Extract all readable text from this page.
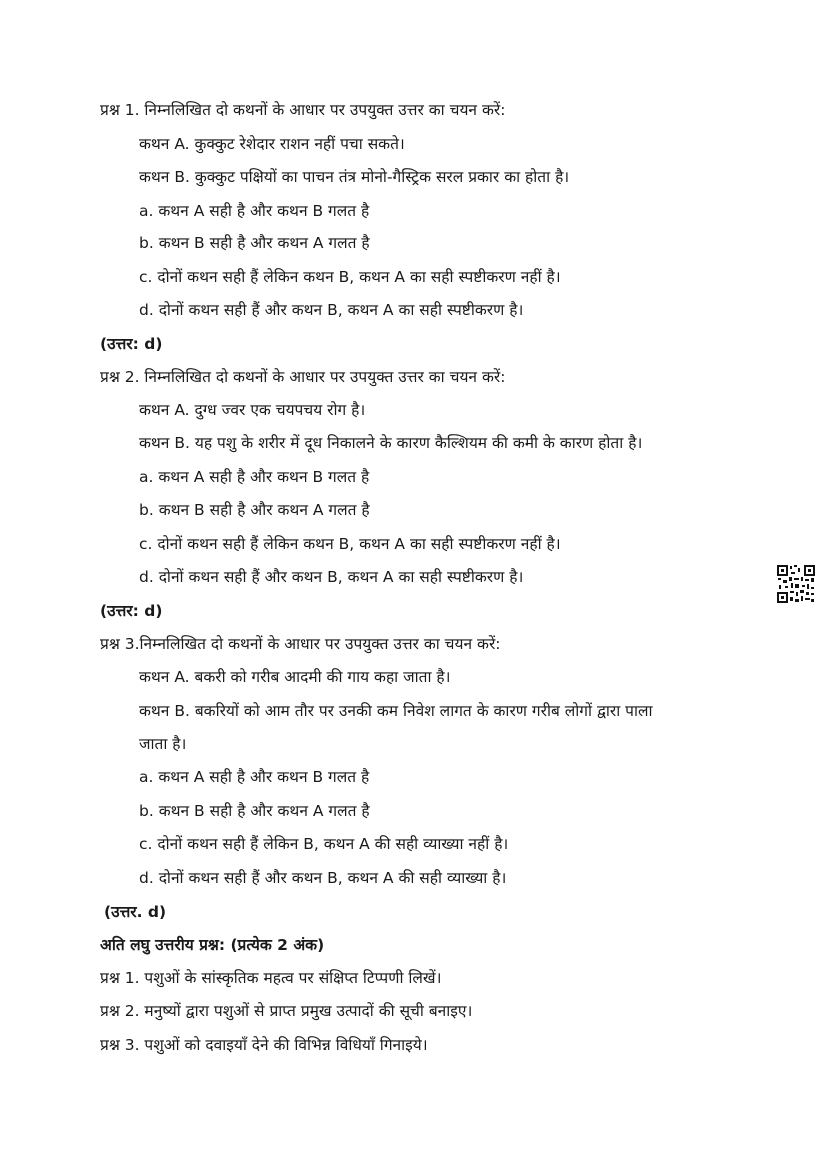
प्रश्न 1. निम्नलिखित दो कथनों के आधार पर उपयुक्त उत्तर का चयन करें:
कथन A. कुक्कुट रेशेदार राशन नहीं पचा सकते।
कथन B. कुक्कुट पक्षियों का पाचन तंत्र मोनो-गैस्ट्रिक सरल प्रकार का होता है।
a. कथन A सही है और कथन B गलत है
b. कथन B सही है और कथन A गलत है
c. दोनों कथन सही हैं लेकिन कथन B, कथन A का सही स्पष्टीकरण नहीं है।
d. दोनों कथन सही हैं और कथन B, कथन A का सही स्पष्टीकरण है।
(उत्तर: d)
प्रश्न 2. निम्नलिखित दो कथनों के आधार पर उपयुक्त उत्तर का चयन करें:
कथन A. दुग्ध ज्वर एक चयपचय रोग है।
कथन B. यह पशु के शरीर में दूध निकालने के कारण कैल्शियम की कमी के कारण होता है।
a. कथन A सही है और कथन B गलत है
b. कथन B सही है और कथन A गलत है
c. दोनों कथन सही हैं लेकिन कथन B, कथन A का सही स्पष्टीकरण नहीं है।
d. दोनों कथन सही हैं और कथन B, कथन A का सही स्पष्टीकरण है।
(उत्तर: d)
प्रश्न 3.निम्नलिखित दो कथनों के आधार पर उपयुक्त उत्तर का चयन करें:
कथन A. बकरी को गरीब आदमी की गाय कहा जाता है।
कथन B. बकरियों को आम तौर पर उनकी कम निवेश लागत के कारण गरीब लोगों द्वारा पाला
जाता है।
a. कथन A सही है और कथन B गलत है
b. कथन B सही है और कथन A गलत है
c. दोनों कथन सही हैं लेकिन B, कथन A की सही व्याख्या नहीं है।
d. दोनों कथन सही हैं और कथन B, कथन A की सही व्याख्या है।
(उत्तर. d)
अति लघु उत्तरीय प्रश्न: (प्रत्येक 2 अंक)
प्रश्न 1. पशुओं के सांस्कृतिक महत्व पर संक्षिप्त टिप्पणी लिखें।
प्रश्न 2. मनुष्यों द्वारा पशुओं से प्राप्त प्रमुख उत्पादों की सूची बनाइए।
प्रश्न 3. पशुओं को दवाइयाँ देने की विभिन्न विधियाँ गिनाइये।
